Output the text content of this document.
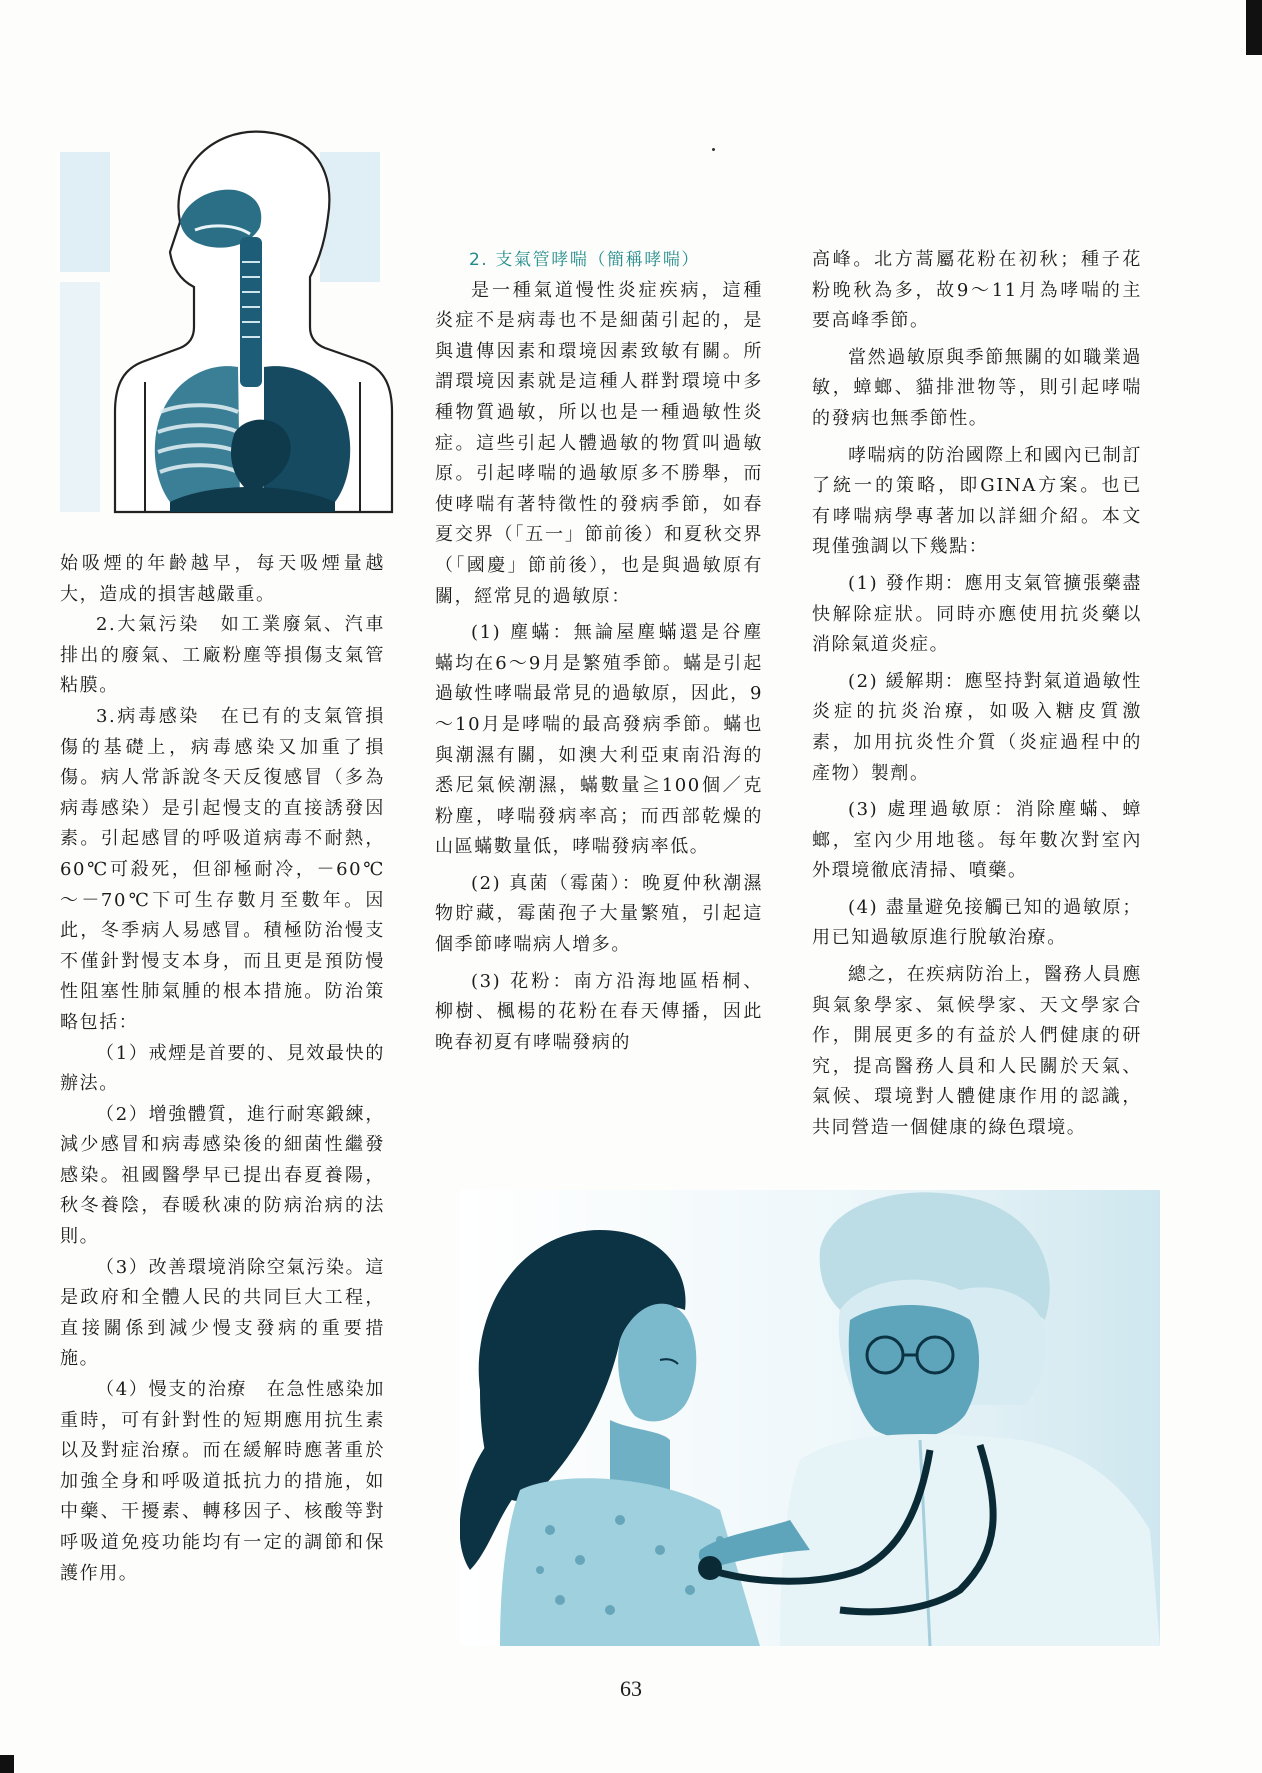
始吸煙的年齡越早，每天吸煙量越大，造成的損害越嚴重。

2.大氣污染　如工業廢氣、汽車排出的廢氣、工廠粉塵等損傷支氣管粘膜。

3.病毒感染　在已有的支氣管損傷的基礎上，病毒感染又加重了損傷。病人常訴說冬天反復感冒（多為病毒感染）是引起慢支的直接誘發因素。引起感冒的呼吸道病毒不耐熱，60℃可殺死，但卻極耐冷，－60℃～－70℃下可生存數月至數年。因此，冬季病人易感冒。積極防治慢支不僅針對慢支本身，而且更是預防慢性阻塞性肺氣腫的根本措施。防治策略包括：

（1）戒煙是首要的、見效最快的辦法。

（2）增強體質，進行耐寒鍛練，減少感冒和病毒感染後的細菌性繼發感染。祖國醫學早已提出春夏養陽，秋冬養陰，春暖秋凍的防病治病的法則。

（3）改善環境消除空氣污染。這是政府和全體人民的共同巨大工程，直接關係到減少慢支發病的重要措施。

（4）慢支的治療　在急性感染加重時，可有針對性的短期應用抗生素以及對症治療。而在緩解時應著重於加強全身和呼吸道抵抗力的措施，如中藥、干擾素、轉移因子、核酸等對呼吸道免疫功能均有一定的調節和保護作用。

2. 支氣管哮喘（簡稱哮喘）

是一種氣道慢性炎症疾病，這種炎症不是病毒也不是細菌引起的，是與遺傳因素和環境因素致敏有關。所謂環境因素就是這種人群對環境中多種物質過敏，所以也是一種過敏性炎症。這些引起人體過敏的物質叫過敏原。引起哮喘的過敏原多不勝舉，而使哮喘有著特徵性的發病季節，如春夏交界（「五一」節前後）和夏秋交界（「國慶」節前後），也是與過敏原有關，經常見的過敏原：

(1) 塵蟎：無論屋塵蟎還是谷塵蟎均在6～9月是繁殖季節。蟎是引起過敏性哮喘最常見的過敏原，因此，9～10月是哮喘的最高發病季節。蟎也與潮濕有關，如澳大利亞東南沿海的悉尼氣候潮濕，蟎數量≧100個／克粉塵，哮喘發病率高；而西部乾燥的山區蟎數量低，哮喘發病率低。

(2) 真菌（霉菌）：晚夏仲秋潮濕物貯藏，霉菌孢子大量繁殖，引起這個季節哮喘病人增多。

(3) 花粉：南方沿海地區梧桐、柳樹、楓楊的花粉在春天傳播，因此晚春初夏有哮喘發病的

高峰。北方蒿屬花粉在初秋；種子花粉晚秋為多，故9～11月為哮喘的主要高峰季節。

當然過敏原與季節無關的如職業過敏，蟑螂、貓排泄物等，則引起哮喘的發病也無季節性。

哮喘病的防治國際上和國內已制訂了統一的策略，即GINA方案。也已有哮喘病學專著加以詳細介紹。本文現僅強調以下幾點：

(1) 發作期：應用支氣管擴張藥盡快解除症狀。同時亦應使用抗炎藥以消除氣道炎症。

(2) 緩解期：應堅持對氣道過敏性炎症的抗炎治療，如吸入糖皮質激素，加用抗炎性介質（炎症過程中的產物）製劑。

(3) 處理過敏原：消除塵蟎、蟑螂，室內少用地毯。每年數次對室內外環境徹底清掃、噴藥。

(4) 盡量避免接觸已知的過敏原；用已知過敏原進行脫敏治療。

總之，在疾病防治上，醫務人員應與氣象學家、氣候學家、天文學家合作，開展更多的有益於人們健康的研究，提高醫務人員和人民關於天氣、氣候、環境對人體健康作用的認識，共同營造一個健康的綠色環境。

63
